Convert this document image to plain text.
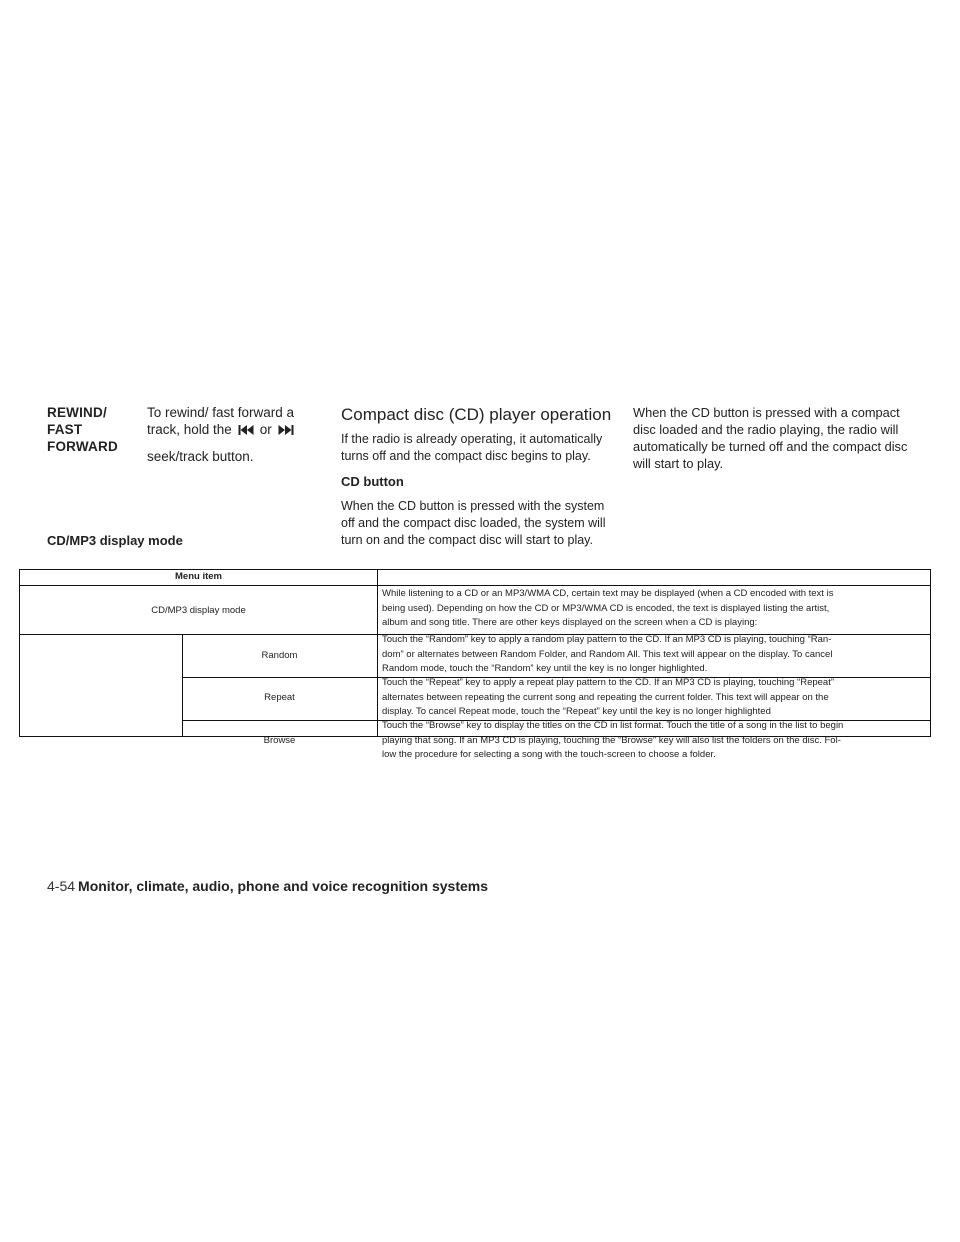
REWIND/
FAST
FORWARD
To rewind/ fast forward a
track, hold the or
seek/track button.
Compact disc (CD) player operation

If the radio is already operating, it automatically turns off and the compact disc begins to play.

CD button

When the CD button is pressed with the system off and the compact disc loaded, the system will turn on and the compact disc will start to play.

When the CD button is pressed with a compact disc loaded and the radio playing, the radio will automatically be turned off and the compact disc will start to play.

CD/MP3 display mode
Menu item
CD/MP3 display mode
While listening to a CD or an MP3/WMA CD, certain text may be displayed (when a CD encoded with text is
being used). Depending on how the CD or MP3/WMA CD is encoded, the text is displayed listing the artist,
album and song title. There are other keys displayed on the screen when a CD is playing:
Random
Touch the “Random” key to apply a random play pattern to the CD. If an MP3 CD is playing, touching “Ran-
dom” or alternates between Random Folder, and Random All. This text will appear on the display. To cancel
Random mode, touch the “Random” key until the key is no longer highlighted.
Repeat
Touch the “Repeat” key to apply a repeat play pattern to the CD. If an MP3 CD is playing, touching “Repeat”
alternates between repeating the current song and repeating the current folder. This text will appear on the
display. To cancel Repeat mode, touch the “Repeat” key until the key is no longer highlighted
Browse
Touch the “Browse” key to display the titles on the CD in list format. Touch the title of a song in the list to begin
playing that song. If an MP3 CD is playing, touching the “Browse” key will also list the folders on the disc. Fol-
low the procedure for selecting a song with the touch-screen to choose a folder.
4-54 Monitor, climate, audio, phone and voice recognition systems
